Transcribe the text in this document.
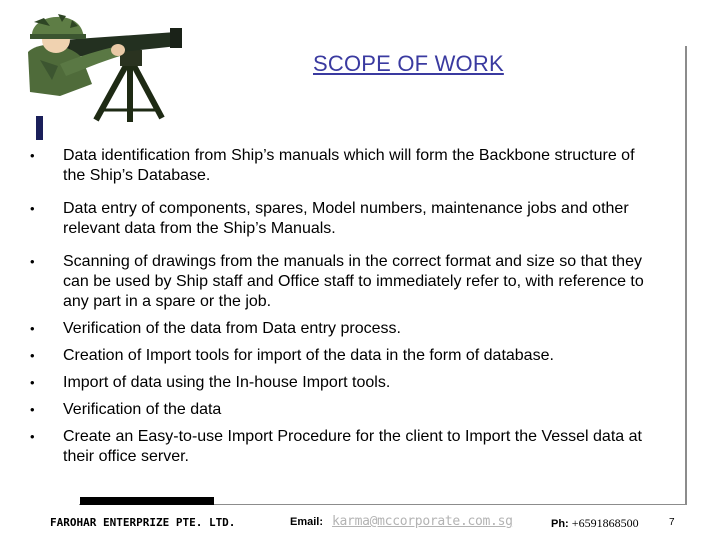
SCOPE OF WORK
• Data identification from Ship’s manuals which will form the Backbone structure of the Ship’s Database.
• Data entry of components, spares, Model numbers, maintenance jobs and other relevant data from the Ship’s Manuals.
• Scanning of drawings from the manuals in the correct format and size so that they can be used by Ship staff and Office staff to immediately refer to, with reference to any part in a spare or the job.
• Verification of the data from Data entry process.
• Creation of Import tools for import of the data in the form of database.
• Import of data using the In-house Import tools.
• Verification of the data
• Create an Easy-to-use Import Procedure for the client to Import the Vessel data at their office server.
FAROHAR ENTERPRIZE PTE. LTD.	Email: karma@mccorporate.com.sg	Ph: +6591868500	7
